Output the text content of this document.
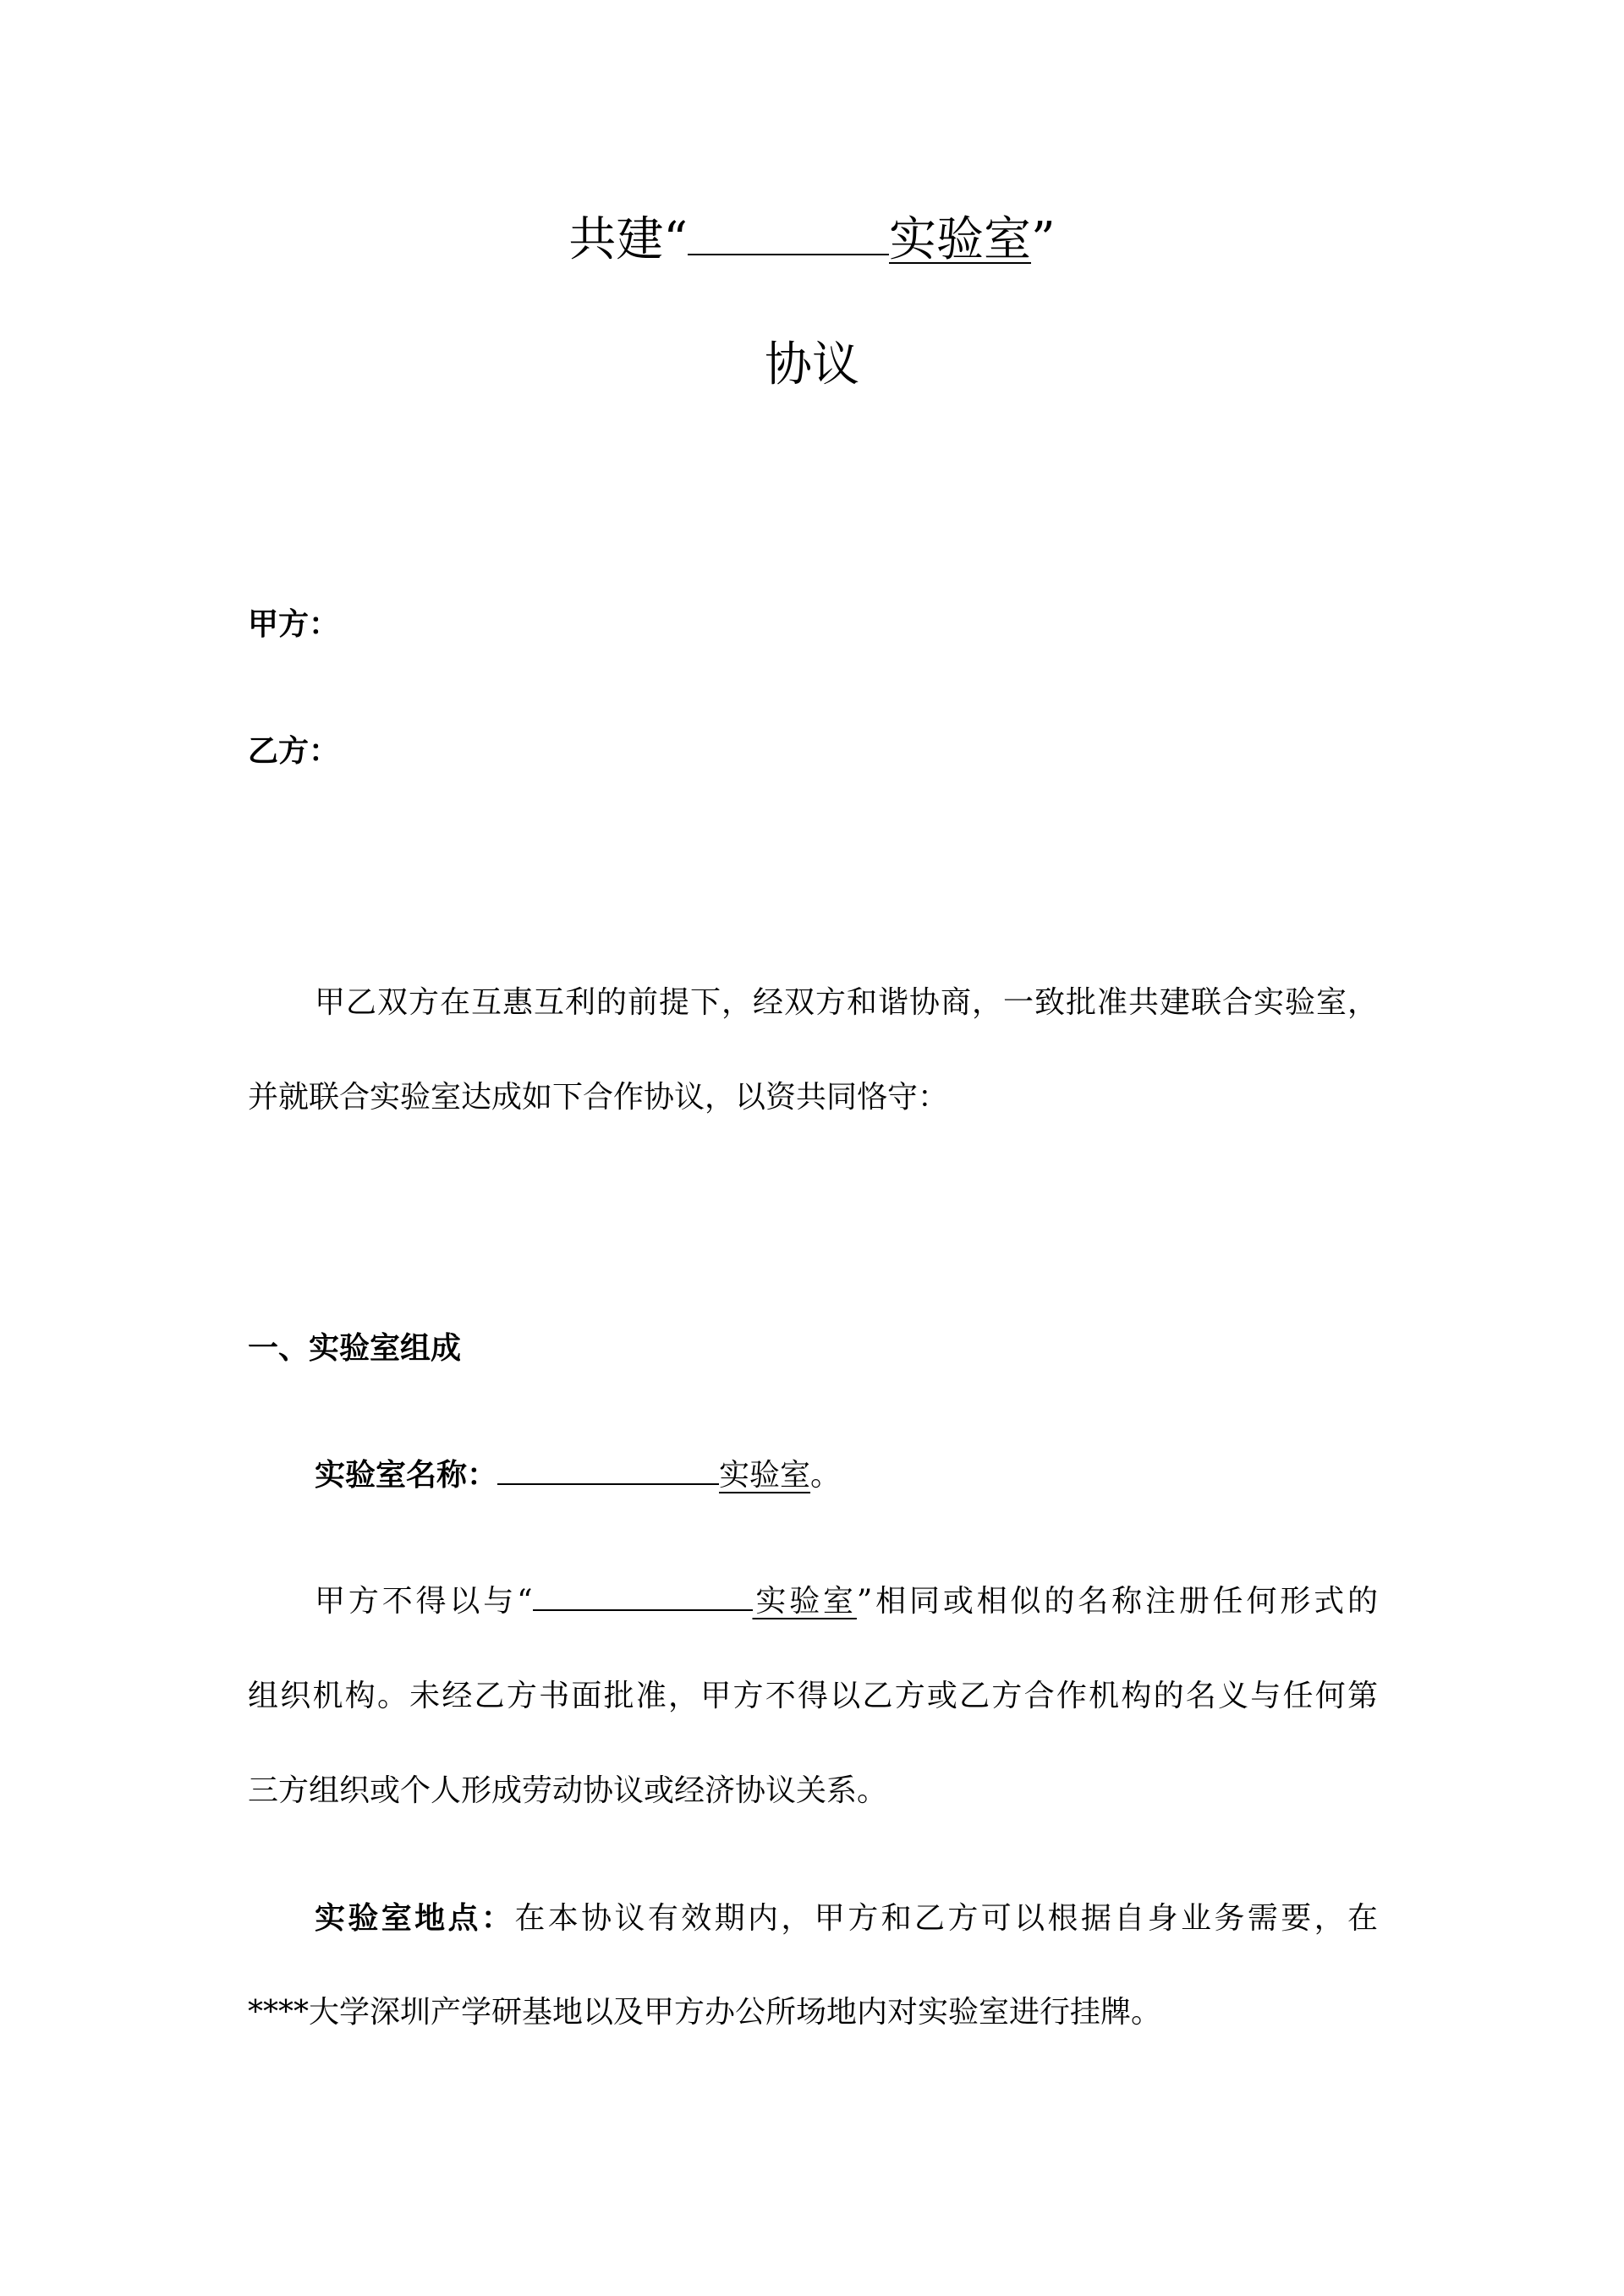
共建“	实验室”
协议
甲方：
乙方：
甲乙双方在互惠互利的前提下，经双方和谐协商，一致批准共建联合实验室，
并就联合实验室达成如下合作协议，以资共同恪守：
一、实验室组成
实验室名称：	实验室。
甲方不得以与“	实验室”相同或相似的名称注册任何形式的
组织机构。未经乙方书面批准，甲方不得以乙方或乙方合作机构的名义与任何第
三方组织或个人形成劳动协议或经济协议关系。
实验室地点：在本协议有效期内，甲方和乙方可以根据自身业务需要，在
****大学深圳产学研基地以及甲方办公所场地内对实验室进行挂牌。
